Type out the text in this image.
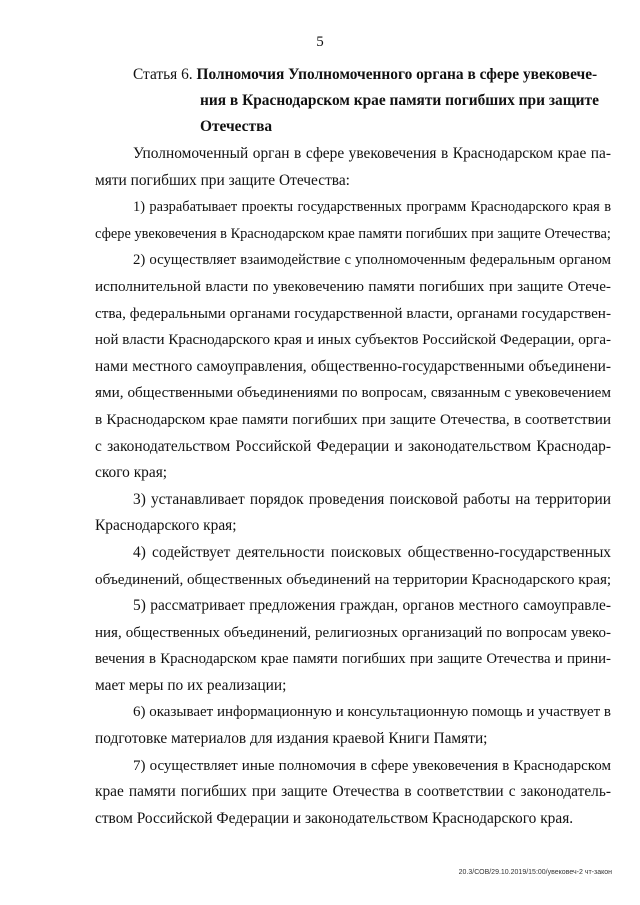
5
Статья 6. Полномочия Уполномоченного органа в сфере увековече-
ния в Краснодарском крае памяти погибших при защите
Отечества

Уполномоченный орган в сфере увековечения в Краснодарском крае па-
мяти погибших при защите Отечества:

1) разрабатывает проекты государственных программ Краснодарского края в
сфере увековечения в Краснодарском крае памяти погибших при защите Отечества;

2) осуществляет взаимодействие с уполномоченным федеральным органом
исполнительной власти по увековечению памяти погибших при защите Отече-
ства, федеральными органами государственной власти, органами государствен-
ной власти Краснодарского края и иных субъектов Российской Федерации, орга-
нами местного самоуправления, общественно-государственными объединени-
ями, общественными объединениями по вопросам, связанным с увековечением
в Краснодарском крае памяти погибших при защите Отечества, в соответствии
с законодательством Российской Федерации и законодательством Краснодар-
ского края;

3) устанавливает порядок проведения поисковой работы на территории
Краснодарского края;

4) содействует деятельности поисковых общественно-государственных
объединений, общественных объединений на территории Краснодарского края;

5) рассматривает предложения граждан, органов местного самоуправле-
ния, общественных объединений, религиозных организаций по вопросам увеко-
вечения в Краснодарском крае памяти погибших при защите Отечества и прини-
мает меры по их реализации;

6) оказывает информационную и консультационную помощь и участвует в
подготовке материалов для издания краевой Книги Памяти;

7) осуществляет иные полномочия в сфере увековечения в Краснодарском
крае памяти погибших при защите Отечества в соответствии с законодатель-
ством Российской Федерации и законодательством Краснодарского края.

20.3/СОВ/29.10.2019/15:00/увековеч-2 чт-закон
